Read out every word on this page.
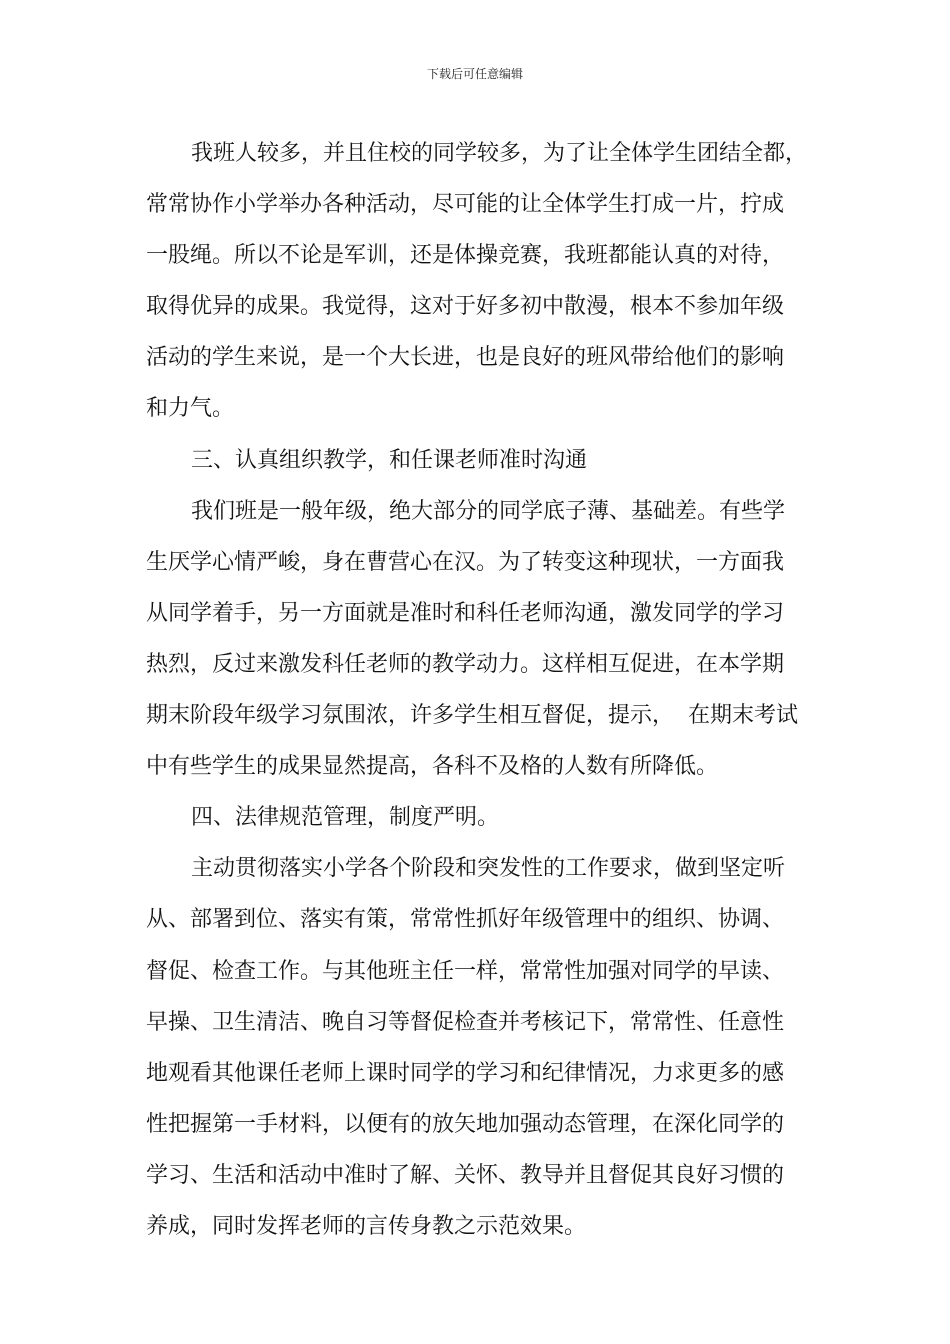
下载后可任意编辑
我班人较多，并且住校的同学较多，为了让全体学生团结全都，
常常协作小学举办各种活动，尽可能的让全体学生打成一片，拧成
一股绳。所以不论是军训，还是体操竞赛，我班都能认真的对待，
取得优异的成果。我觉得，这对于好多初中散漫，根本不参加年级
活动的学生来说，是一个大长进，也是良好的班风带给他们的影响
和力气。
三、认真组织教学，和任课老师准时沟通
我们班是一般年级，绝大部分的同学底子薄、基础差。有些学
生厌学心情严峻，身在曹营心在汉。为了转变这种现状，一方面我
从同学着手，另一方面就是准时和科任老师沟通，激发同学的学习
热烈，反过来激发科任老师的教学动力。这样相互促进，在本学期
期末阶段年级学习氛围浓，许多学生相互督促，提示，  在期末考试
中有些学生的成果显然提高，各科不及格的人数有所降低。
四、法律规范管理，制度严明。
主动贯彻落实小学各个阶段和突发性的工作要求，做到坚定听
从、部署到位、落实有策，常常性抓好年级管理中的组织、协调、
督促、检查工作。与其他班主任一样，常常性加强对同学的早读、
早操、卫生清洁、晚自习等督促检查并考核记下，常常性、任意性
地观看其他课任老师上课时同学的学习和纪律情况，力求更多的感
性把握第一手材料，以便有的放矢地加强动态管理，在深化同学的
学习、生活和活动中准时了解、关怀、教导并且督促其良好习惯的
养成，同时发挥老师的言传身教之示范效果。
